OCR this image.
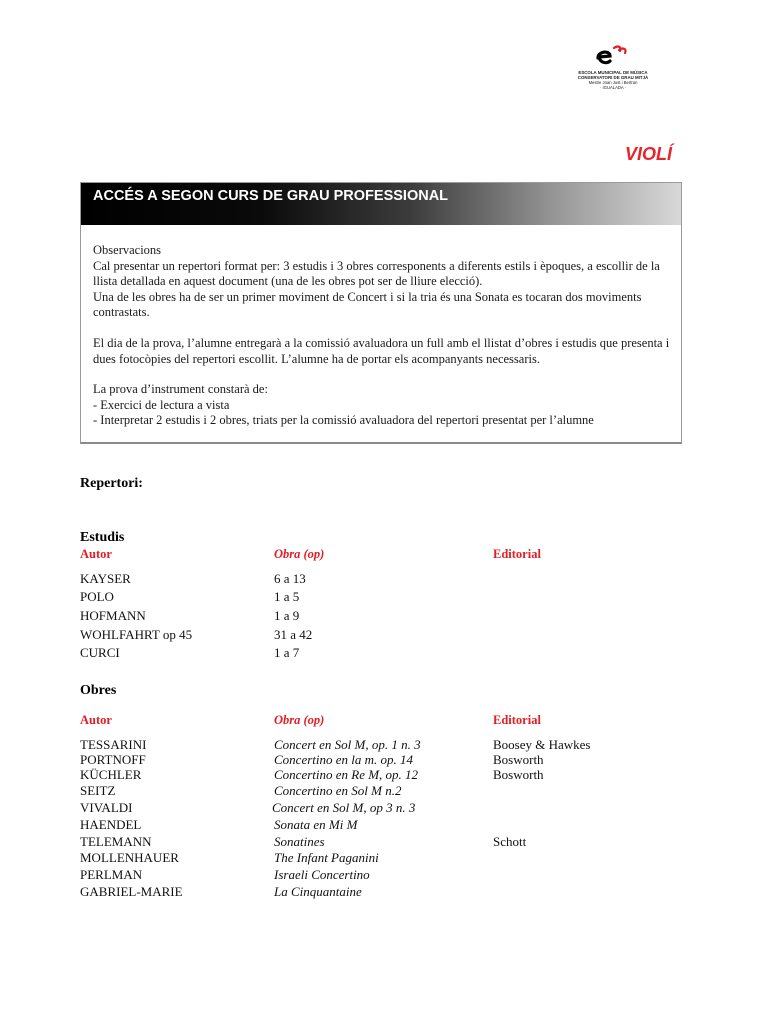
ESCOLA MUNICIPAL DE MÚSICA
CONSERVATORI DE GRAU MITJÀ
Mestre Joan Just i Bertran
· IGUALADA ·
VIOLÍ
ACCÉS A SEGON CURS DE GRAU PROFESSIONAL

Observacions

Cal presentar un repertori format per: 3 estudis i 3 obres corresponents a diferents estils i èpoques, a escollir de la llista detallada en aquest document (una de les obres pot ser de lliure elecció).

Una de les obres ha de ser un primer moviment de Concert i si la tria és una Sonata es tocaran dos moviments contrastats.

El dia de la prova, l’alumne entregarà a la comissió avaluadora un full amb el llistat d’obres i estudis que presenta i dues fotocòpies del repertori escollit. L’alumne ha de portar els acompanyants necessaris.

La prova d’instrument constarà de:

- Exercici de lectura a vista

- Interpretar 2 estudis i 2 obres, triats per la comissió avaluadora del repertori presentat per l’alumne

Repertori:
Estudis
Autor	Obra (op)	Editorial
KAYSER	6 a 13
POLO	1 a 5
HOFMANN	1 a 9
WOHLFAHRT op 45	31 a 42
CURCI	1 a 7
Obres
Autor	Obra (op)	Editorial
TESSARINI	Concert en Sol M, op. 1 n. 3	Boosey & Hawkes
PORTNOFF	Concertino en la m. op. 14	Bosworth
KÜCHLER	Concertino en Re M, op. 12	Bosworth
SEITZ	Concertino en Sol M n.2
VIVALDI	Concert en Sol M, op 3 n. 3
HAENDEL	Sonata en Mi M
TELEMANN	Sonatines	Schott
MOLLENHAUER	The Infant Paganini
PERLMAN	Israeli Concertino
GABRIEL-MARIE	La Cinquantaine
